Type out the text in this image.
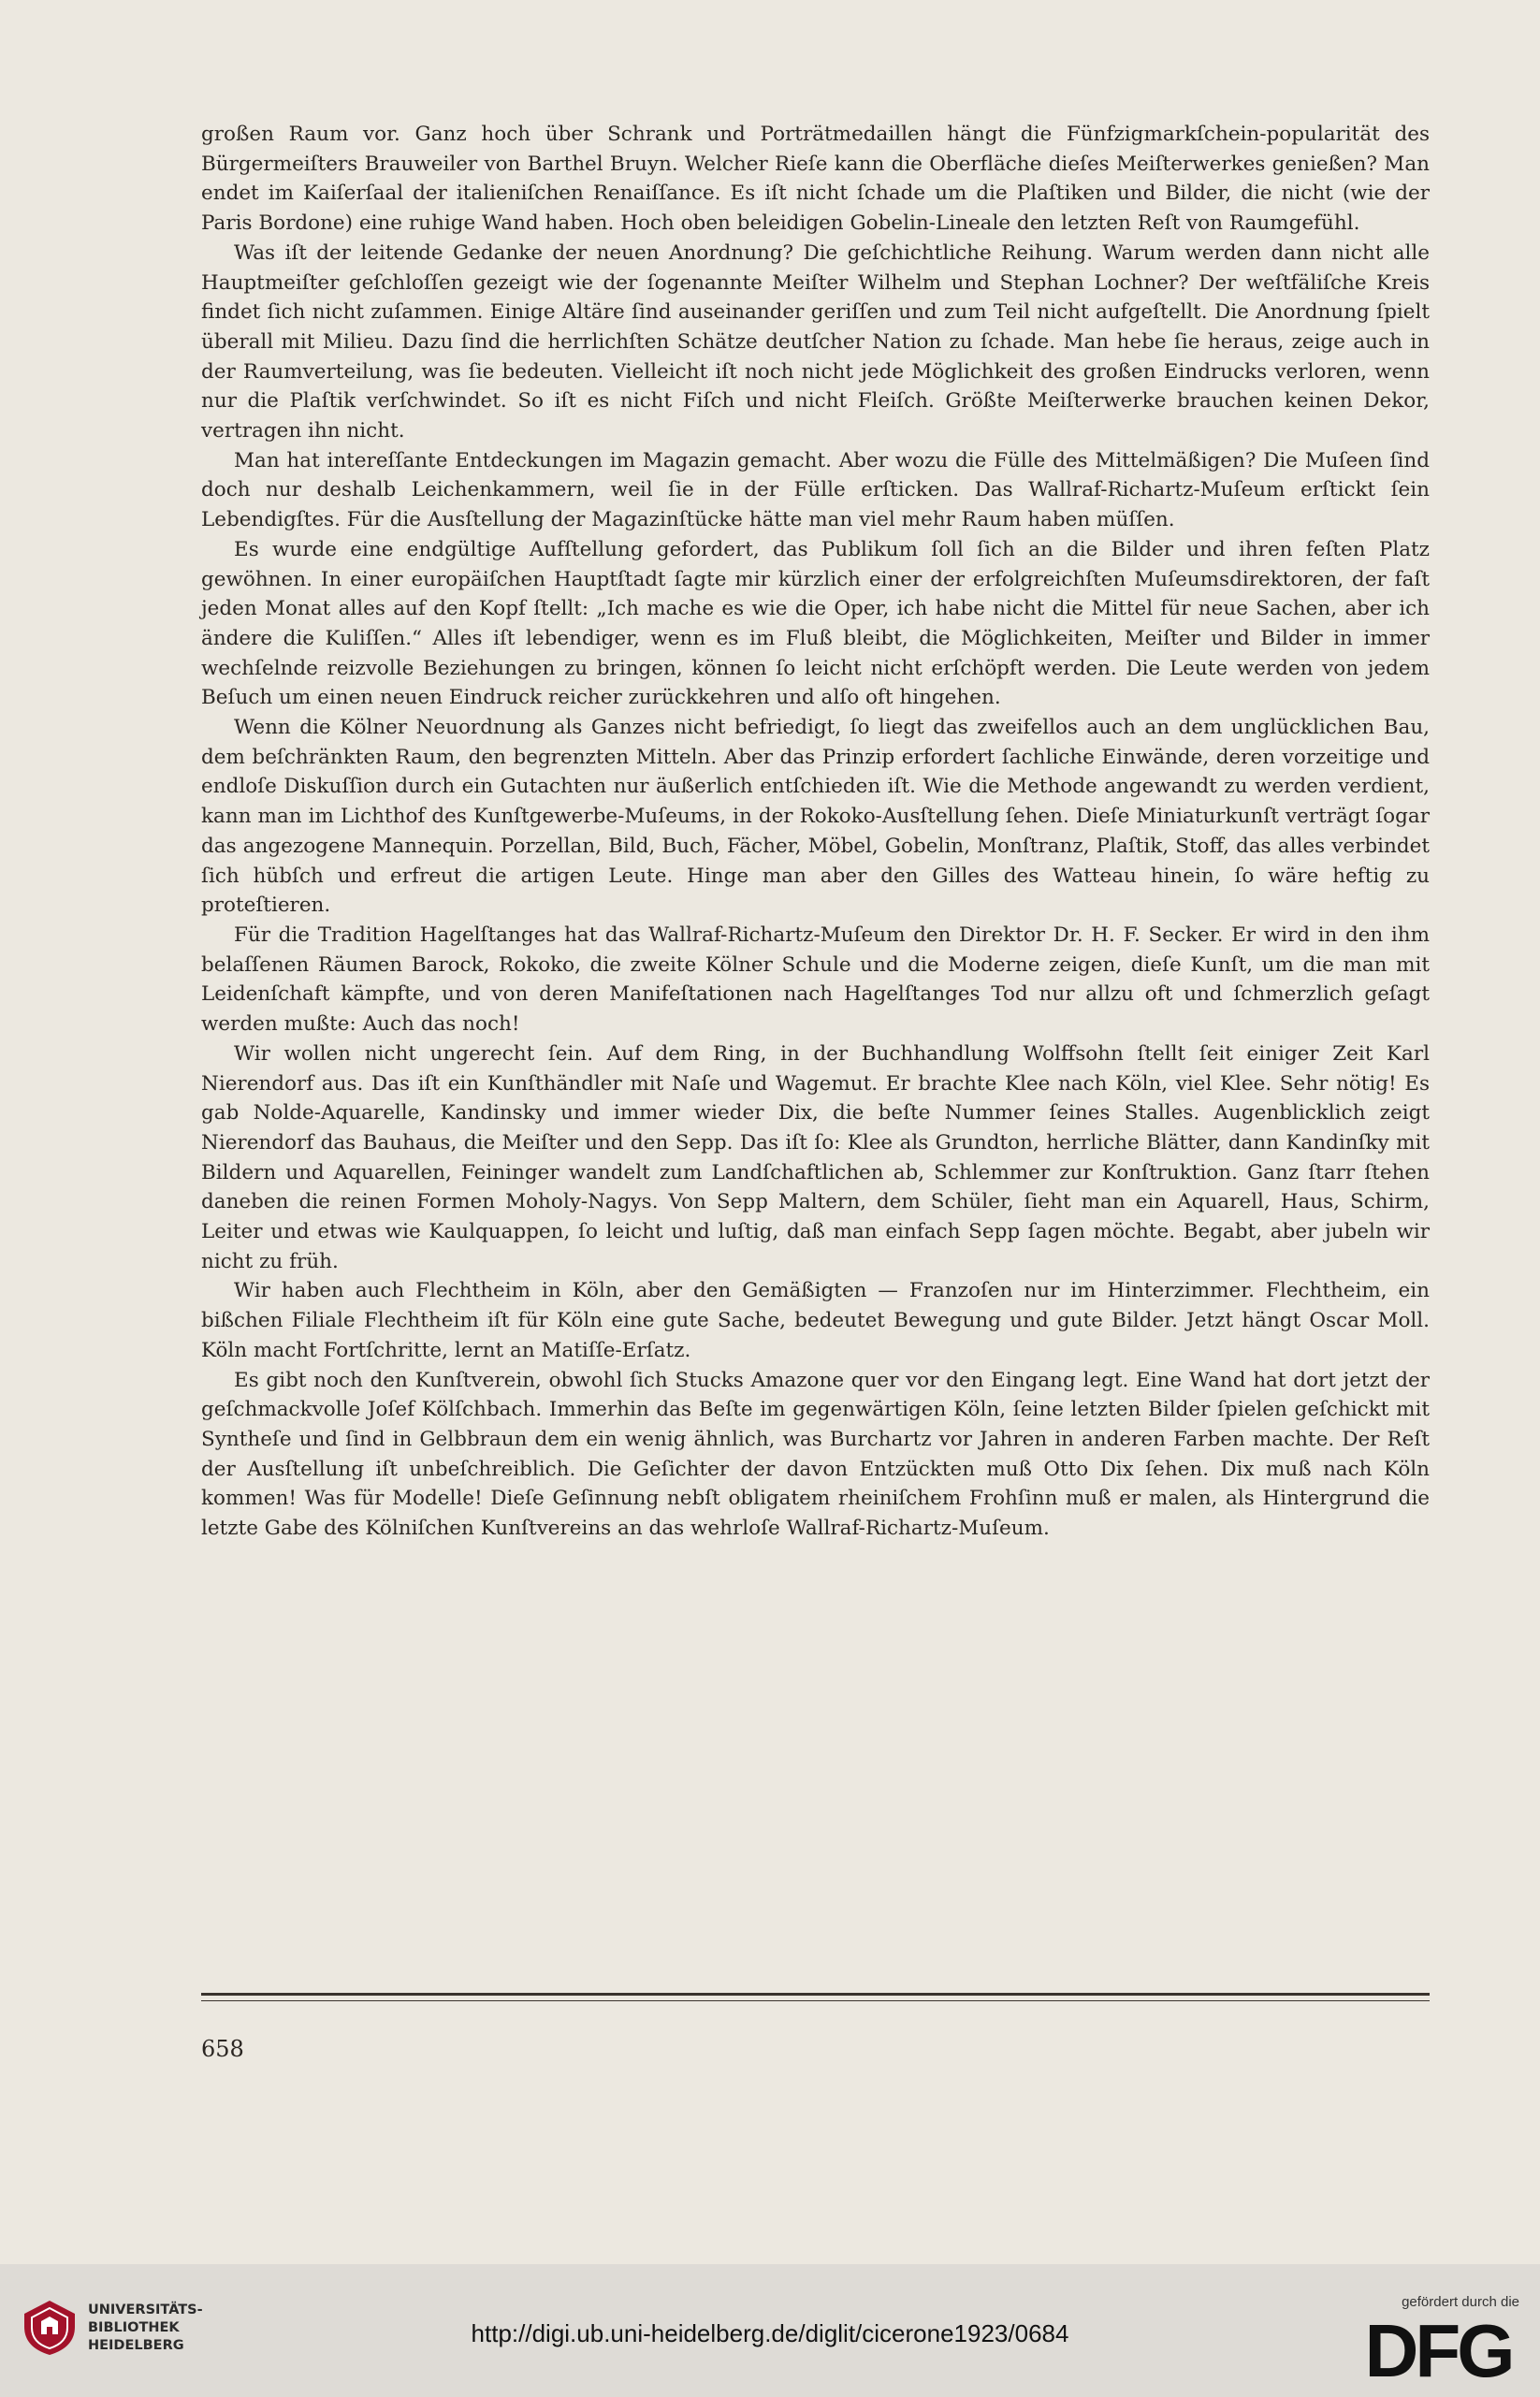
großen Raum vor. Ganz hoch über Schrank und Porträtmedaillen hängt die Fünfzigmarkſchein-popularität des Bürgermeiſters Brauweiler von Barthel Bruyn. Welcher Rieſe kann die Oberfläche dieſes Meiſterwerkes genießen? Man endet im Kaiſerſaal der italieniſchen Renaiſſance. Es iſt nicht ſchade um die Plaſtiken und Bilder, die nicht (wie der Paris Bordone) eine ruhige Wand haben. Hoch oben beleidigen Gobelin-Lineale den letzten Reſt von Raumgefühl.

Was iſt der leitende Gedanke der neuen Anordnung? Die geſchichtliche Reihung. Warum werden dann nicht alle Hauptmeiſter geſchloſſen gezeigt wie der ſogenannte Meiſter Wilhelm und Stephan Lochner? Der weſtfäliſche Kreis findet ſich nicht zuſammen. Einige Altäre ſind auseinander geriſſen und zum Teil nicht aufgeſtellt. Die Anordnung ſpielt überall mit Milieu. Dazu ſind die herrlichſten Schätze deutſcher Nation zu ſchade. Man hebe ſie heraus, zeige auch in der Raumverteilung, was ſie bedeuten. Vielleicht iſt noch nicht jede Möglichkeit des großen Eindrucks verloren, wenn nur die Plaſtik verſchwindet. So iſt es nicht Fiſch und nicht Fleiſch. Größte Meiſterwerke brauchen keinen Dekor, vertragen ihn nicht.

Man hat intereſſante Entdeckungen im Magazin gemacht. Aber wozu die Fülle des Mittelmäßigen? Die Muſeen ſind doch nur deshalb Leichenkammern, weil ſie in der Fülle erſticken. Das Wallraf-Richartz-Muſeum erſtickt ſein Lebendigſtes. Für die Ausſtellung der Magazinſtücke hätte man viel mehr Raum haben müſſen.

Es wurde eine endgültige Aufſtellung gefordert, das Publikum ſoll ſich an die Bilder und ihren feſten Platz gewöhnen. In einer europäiſchen Hauptſtadt ſagte mir kürzlich einer der erfolgreichſten Muſeumsdirektoren, der faſt jeden Monat alles auf den Kopf ſtellt: „Ich mache es wie die Oper, ich habe nicht die Mittel für neue Sachen, aber ich ändere die Kuliſſen.“ Alles iſt lebendiger, wenn es im Fluß bleibt, die Möglichkeiten, Meiſter und Bilder in immer wechſelnde reizvolle Beziehungen zu bringen, können ſo leicht nicht erſchöpft werden. Die Leute werden von jedem Beſuch um einen neuen Eindruck reicher zurückkehren und alſo oft hingehen.

Wenn die Kölner Neuordnung als Ganzes nicht befriedigt, ſo liegt das zweifellos auch an dem unglücklichen Bau, dem beſchränkten Raum, den begrenzten Mitteln. Aber das Prinzip erfordert ſachliche Einwände, deren vorzeitige und endloſe Diskuſſion durch ein Gutachten nur äußerlich entſchieden iſt. Wie die Methode angewandt zu werden verdient, kann man im Lichthof des Kunſtgewerbe-Muſeums, in der Rokoko-Ausſtellung ſehen. Dieſe Miniaturkunſt verträgt ſogar das angezogene Mannequin. Porzellan, Bild, Buch, Fächer, Möbel, Gobelin, Monſtranz, Plaſtik, Stoff, das alles verbindet ſich hübſch und erfreut die artigen Leute. Hinge man aber den Gilles des Watteau hinein, ſo wäre heftig zu proteſtieren.

Für die Tradition Hagelſtanges hat das Wallraf-Richartz-Muſeum den Direktor Dr. H. F. Secker. Er wird in den ihm belaſſenen Räumen Barock, Rokoko, die zweite Kölner Schule und die Moderne zeigen, dieſe Kunſt, um die man mit Leidenſchaft kämpfte, und von deren Manifeſtationen nach Hagelſtanges Tod nur allzu oft und ſchmerzlich geſagt werden mußte: Auch das noch!

Wir wollen nicht ungerecht ſein. Auf dem Ring, in der Buchhandlung Wolffsohn ſtellt ſeit einiger Zeit Karl Nierendorf aus. Das iſt ein Kunſthändler mit Naſe und Wagemut. Er brachte Klee nach Köln, viel Klee. Sehr nötig! Es gab Nolde-Aquarelle, Kandinsky und immer wieder Dix, die beſte Nummer ſeines Stalles. Augenblicklich zeigt Nierendorf das Bauhaus, die Meiſter und den Sepp. Das iſt ſo: Klee als Grundton, herrliche Blätter, dann Kandinſky mit Bildern und Aquarellen, Feininger wandelt zum Landſchaftlichen ab, Schlemmer zur Konſtruktion. Ganz ſtarr ſtehen daneben die reinen Formen Moholy-Nagys. Von Sepp Maltern, dem Schüler, ſieht man ein Aquarell, Haus, Schirm, Leiter und etwas wie Kaulquappen, ſo leicht und luſtig, daß man einfach Sepp ſagen möchte. Begabt, aber jubeln wir nicht zu früh.

Wir haben auch Flechtheim in Köln, aber den Gemäßigten — Franzoſen nur im Hinterzimmer. Flechtheim, ein bißchen Filiale Flechtheim iſt für Köln eine gute Sache, bedeutet Bewegung und gute Bilder. Jetzt hängt Oscar Moll. Köln macht Fortſchritte, lernt an Matiſſe-Erſatz.

Es gibt noch den Kunſtverein, obwohl ſich Stucks Amazone quer vor den Eingang legt. Eine Wand hat dort jetzt der geſchmackvolle Joſef Kölſchbach. Immerhin das Beſte im gegenwärtigen Köln, ſeine letzten Bilder ſpielen geſchickt mit Syntheſe und ſind in Gelbbraun dem ein wenig ähnlich, was Burchartz vor Jahren in anderen Farben machte. Der Reſt der Ausſtellung iſt unbeſchreiblich. Die Geſichter der davon Entzückten muß Otto Dix ſehen. Dix muß nach Köln kommen! Was für Modelle! Dieſe Geſinnung nebſt obligatem rheiniſchem Frohſinn muß er malen, als Hintergrund die letzte Gabe des Kölniſchen Kunſtvereins an das wehrloſe Wallraf-Richartz-Muſeum.

658
UNIVERSITÄTS-
BIBLIOTHEK
HEIDELBERG	http://digi.ub.uni-heidelberg.de/diglit/cicerone1923/0684
gefördert durch die
DFG
